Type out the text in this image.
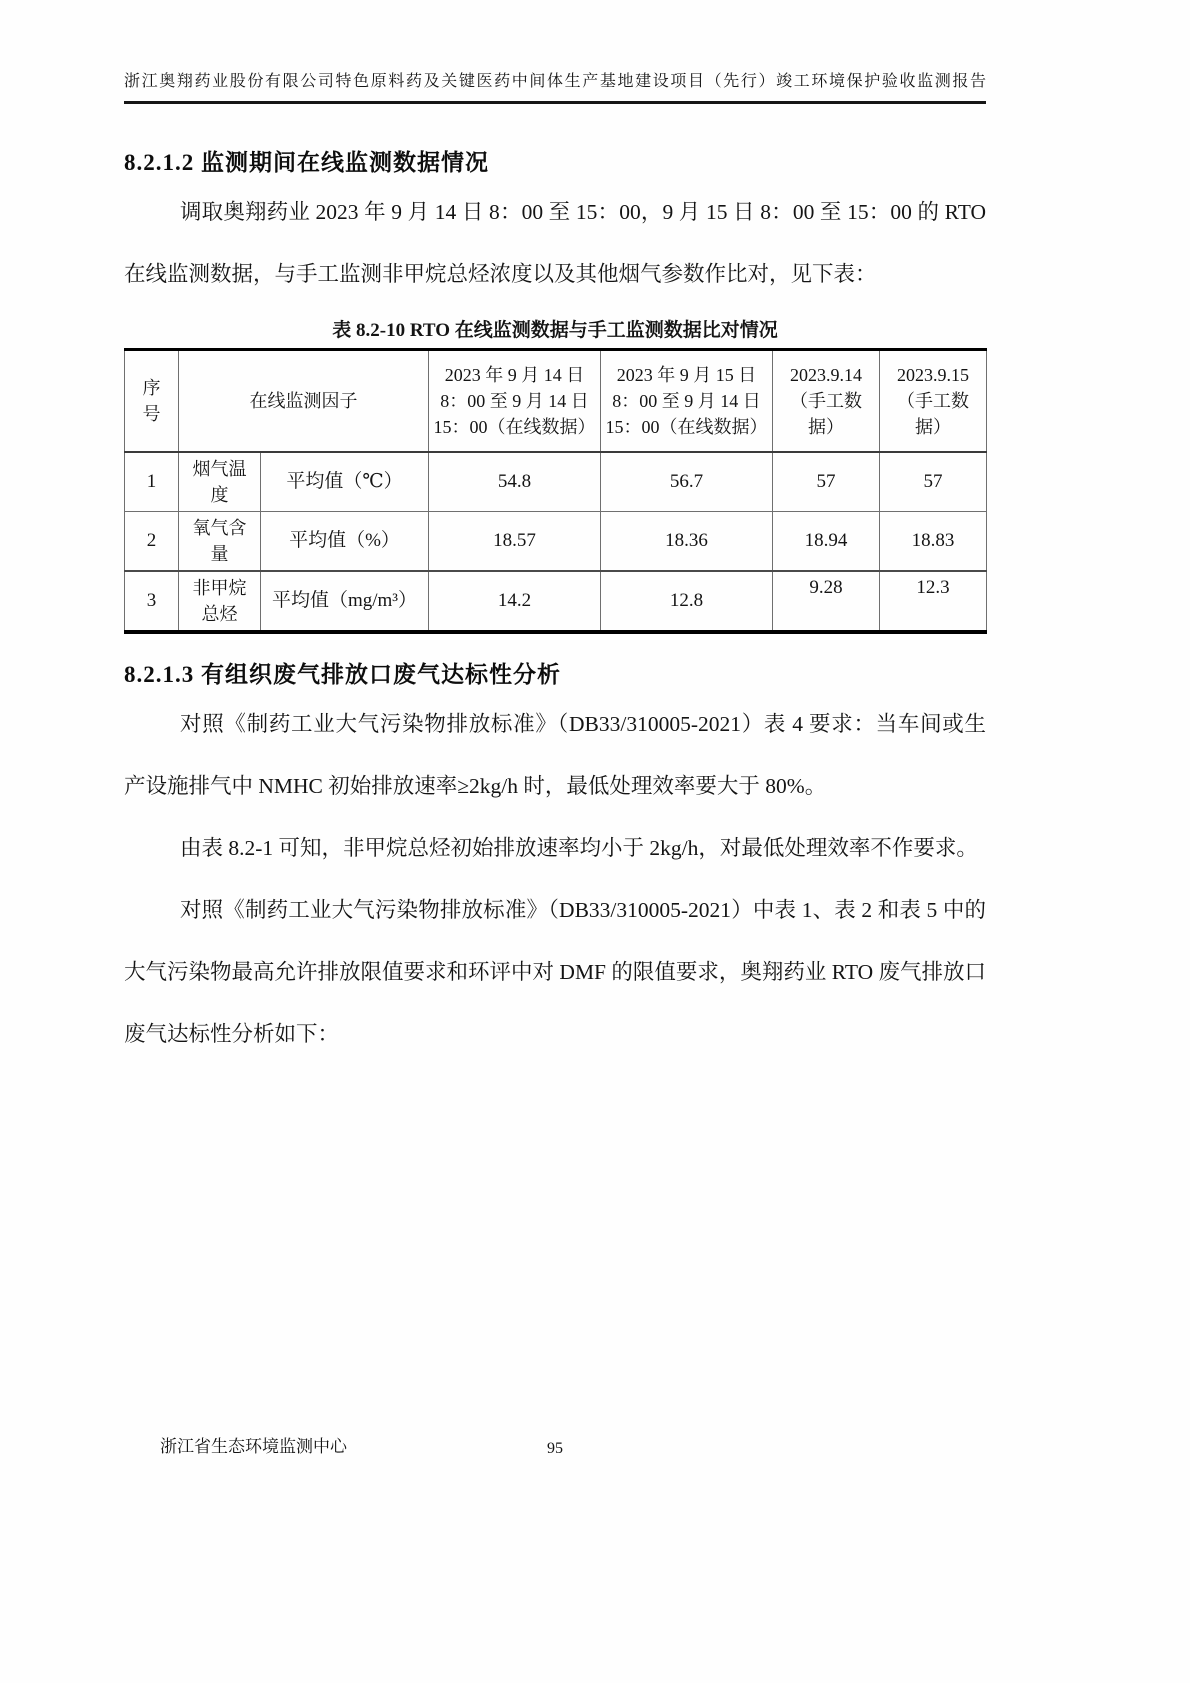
浙江奥翔药业股份有限公司特色原料药及关键医药中间体生产基地建设项目（先行）竣工环境保护验收监测报告
8.2.1.2 监测期间在线监测数据情况

调取奥翔药业 2023 年 9 月 14 日 8：00 至 15：00，9 月 15 日 8：00 至 15：00 的 RTO 在线监测数据，与手工监测非甲烷总烃浓度以及其他烟气参数作比对，见下表：

表 8.2-10 RTO 在线监测数据与手工监测数据比对情况
序号	在线监测因子		2023 年 9 月 14 日 8：00 至 9 月 14 日 15：00（在线数据）	2023 年 9 月 15 日 8：00 至 9 月 14 日 15：00（在线数据）	2023.9.14（手工数据）	2023.9.15（手工数据）
1	烟气温度	平均值（℃）	54.8	56.7	57	57
2	氧气含量	平均值（%）	18.57	18.36	18.94	18.83
3	非甲烷总烃	平均值（mg/m³）	14.2	12.8	9.28	12.3
8.2.1.3 有组织废气排放口废气达标性分析

对照《制药工业大气污染物排放标准》（DB33/310005-2021）表 4 要求：当车间或生产设施排气中 NMHC 初始排放速率≥2kg/h 时，最低处理效率要大于 80%。

由表 8.2-1 可知，非甲烷总烃初始排放速率均小于 2kg/h，对最低处理效率不作要求。

对照《制药工业大气污染物排放标准》（DB33/310005-2021）中表 1、表 2 和表 5 中的大气污染物最高允许排放限值要求和环评中对 DMF 的限值要求，奥翔药业 RTO 废气排放口废气达标性分析如下：

浙江省生态环境监测中心	95
